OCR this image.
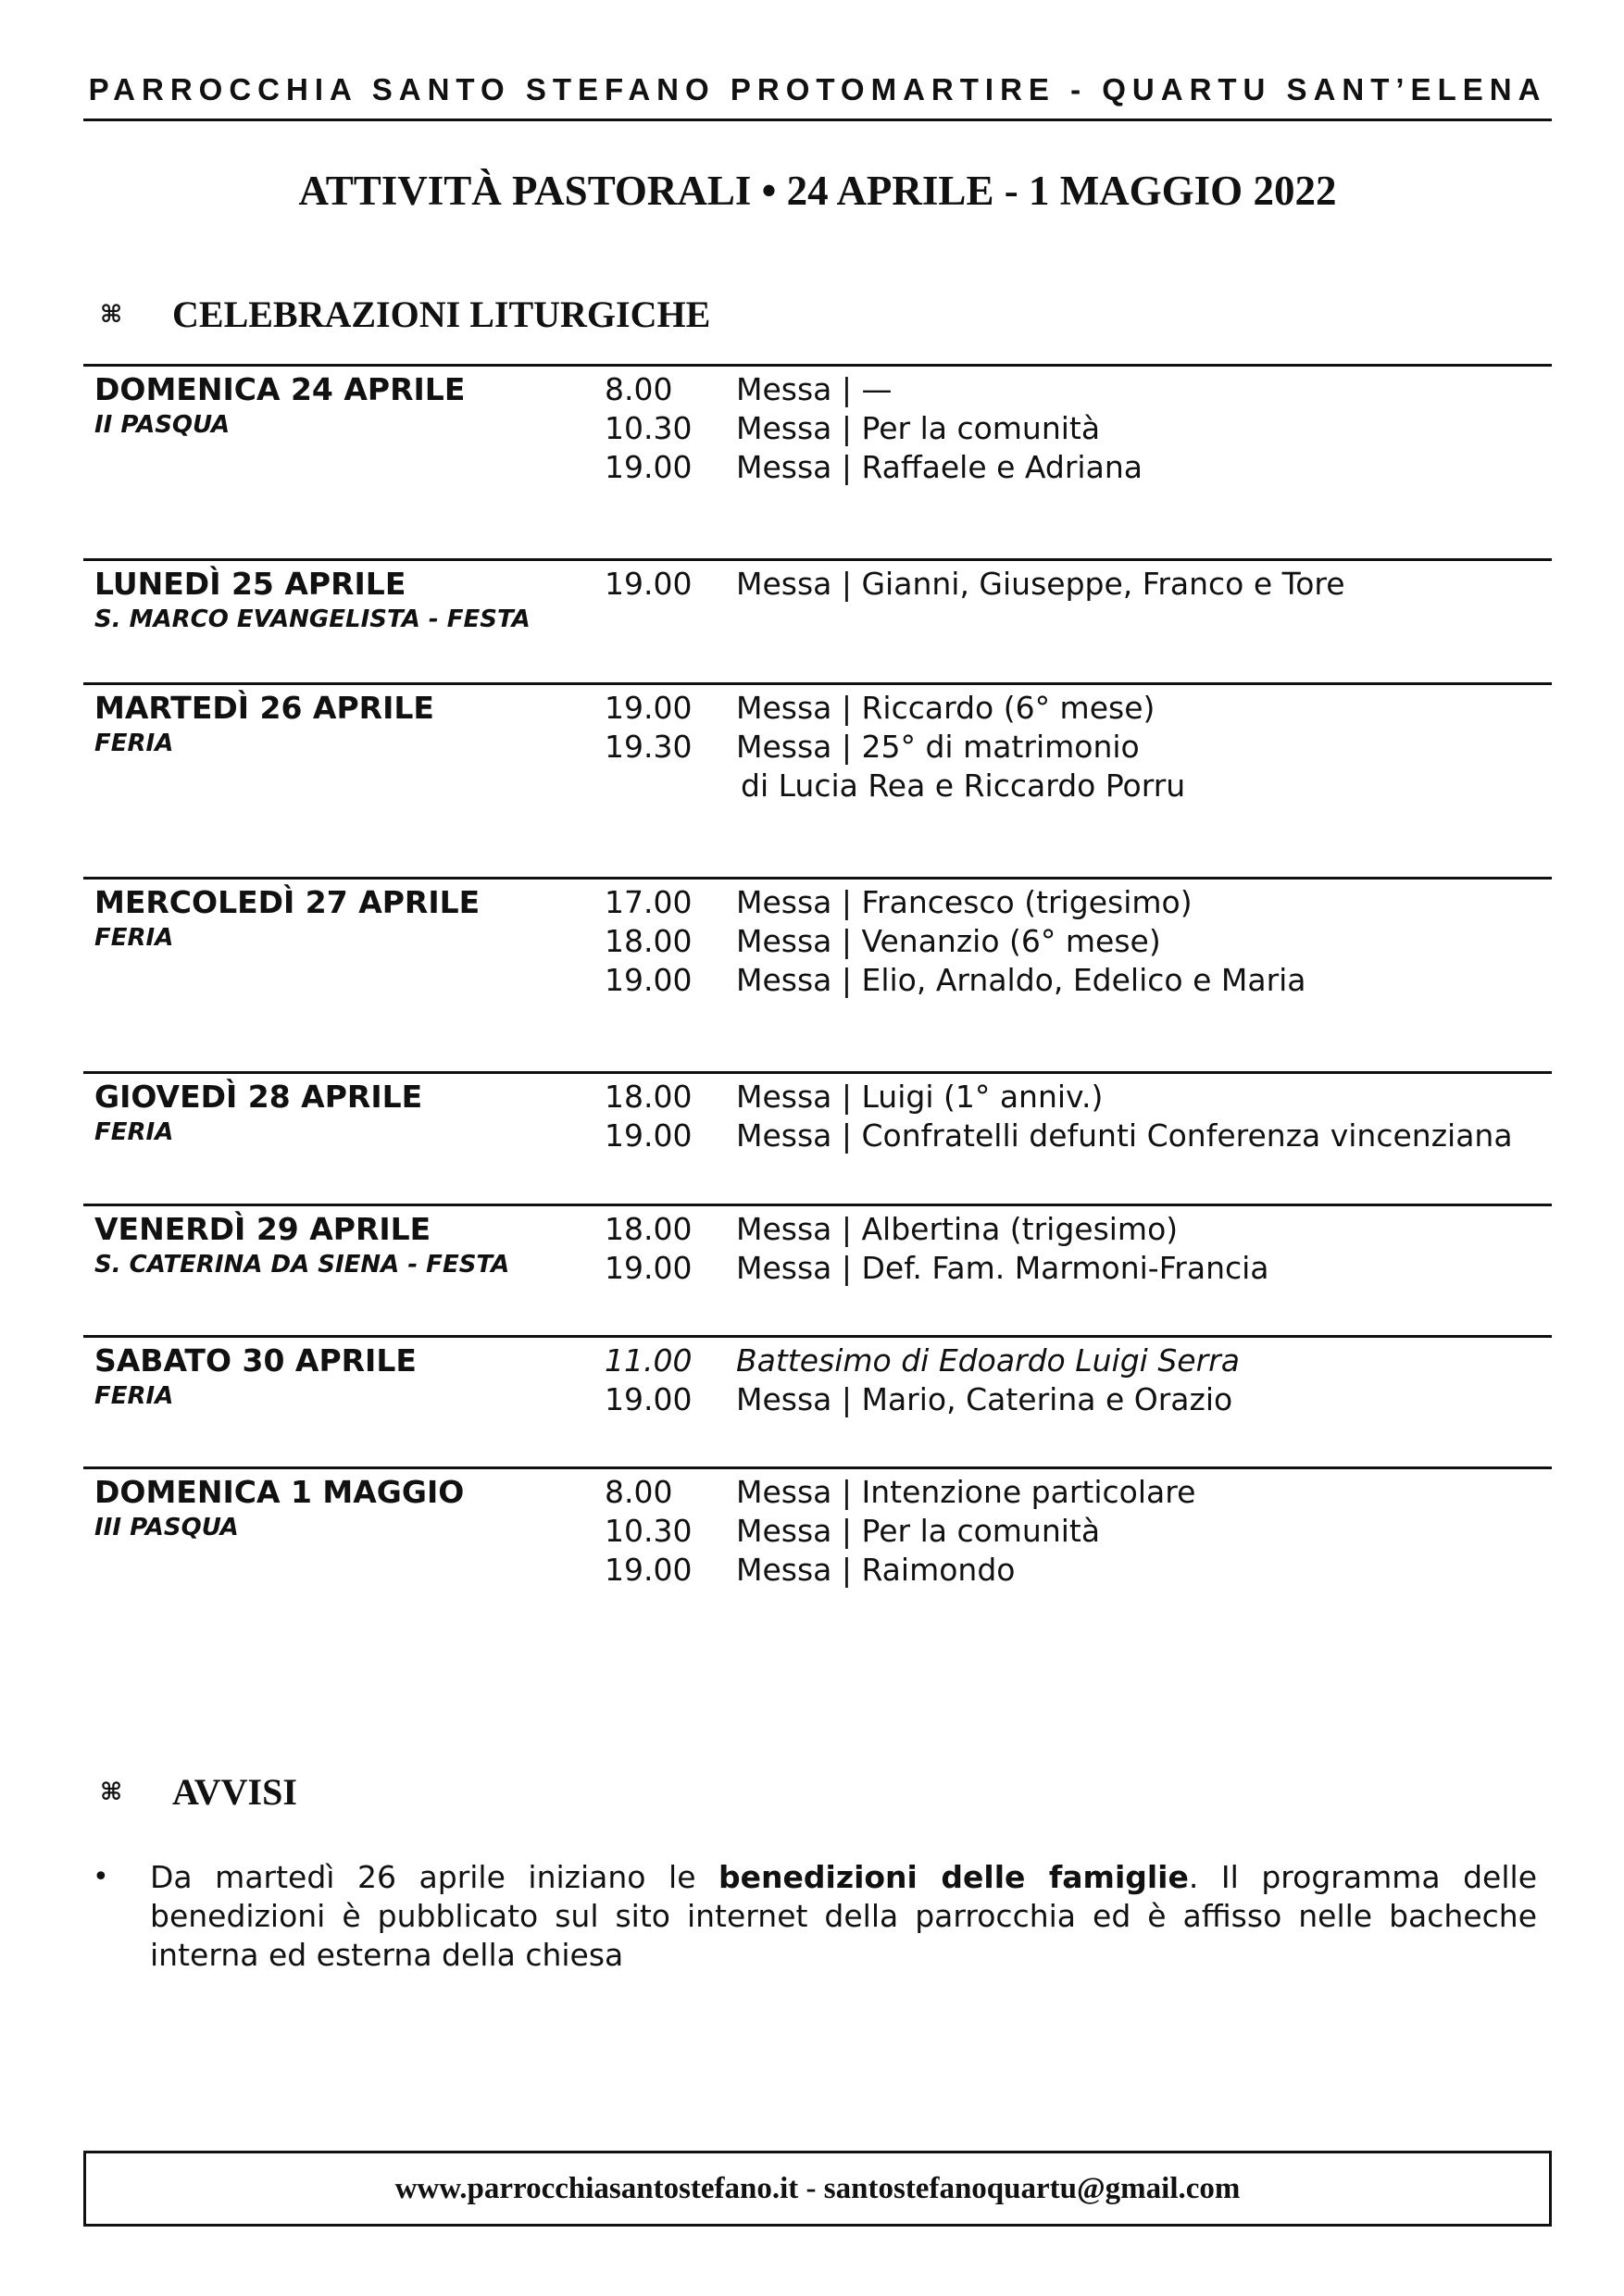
PARROCCHIA SANTO STEFANO PROTOMARTIRE - QUARTU SANT’ELENA
ATTIVITÀ PASTORALI • 24 APRILE - 1 MAGGIO 2022
⌘ CELEBRAZIONI LITURGICHE
DOMENICA 24 APRILE
II PASQUA
8.00	Messa | —
10.30	Messa | Per la comunità
19.00	Messa | Raffaele e Adriana
LUNEDÌ 25 APRILE
S. MARCO EVANGELISTA - FESTA
19.00	Messa | Gianni, Giuseppe, Franco e Tore
MARTEDÌ 26 APRILE
FERIA
19.00	Messa | Riccardo (6° mese)
19.30	Messa | 25° di matrimonio
di Lucia Rea e Riccardo Porru
MERCOLEDÌ 27 APRILE
FERIA
17.00	Messa | Francesco (trigesimo)
18.00	Messa | Venanzio (6° mese)
19.00	Messa | Elio, Arnaldo, Edelico e Maria
GIOVEDÌ 28 APRILE
FERIA
18.00	Messa | Luigi (1° anniv.)
19.00	Messa | Confratelli defunti Conferenza vincenziana
VENERDÌ 29 APRILE
S. CATERINA DA SIENA - FESTA
18.00	Messa | Albertina (trigesimo)
19.00	Messa | Def. Fam. Marmoni-Francia
SABATO 30 APRILE
FERIA
11.00	Battesimo di Edoardo Luigi Serra
19.00	Messa | Mario, Caterina e Orazio
DOMENICA 1 MAGGIO
III PASQUA
8.00	Messa | Intenzione particolare
10.30	Messa | Per la comunità
19.00	Messa | Raimondo
⌘ AVVISI
•	Da martedì 26 aprile iniziano le benedizioni delle famiglie. Il programma delle benedizioni è pubblicato sul sito internet della parrocchia ed è affisso nelle bacheche interna ed esterna della chiesa
www.parrocchiasantostefano.it - santostefanoquartu@gmail.com
